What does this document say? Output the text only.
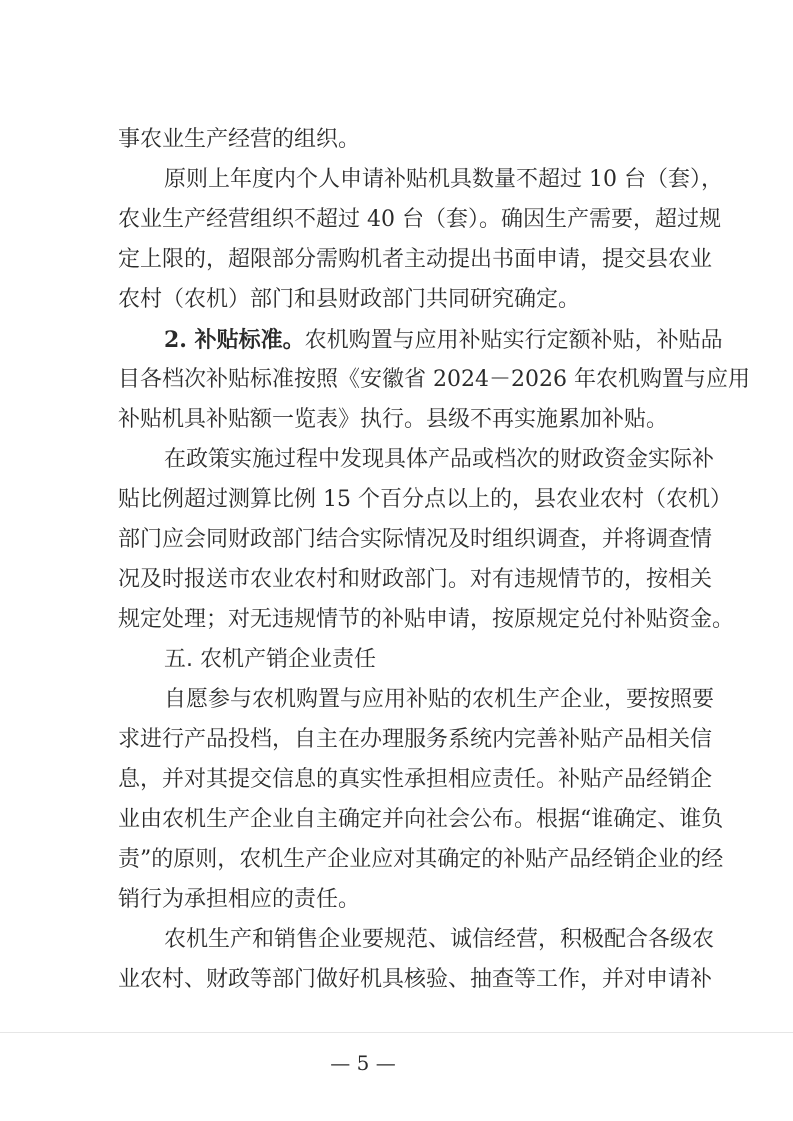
事农业生产经营的组织。
原则上年度内个人申请补贴机具数量不超过 10 台（套），
农业生产经营组织不超过 40 台（套）。确因生产需要，超过规
定上限的，超限部分需购机者主动提出书面申请，提交县农业
农村（农机）部门和县财政部门共同研究确定。
2. 补贴标准。农机购置与应用补贴实行定额补贴，补贴品
目各档次补贴标准按照《安徽省 2024－2026 年农机购置与应用
补贴机具补贴额一览表》执行。县级不再实施累加补贴。
在政策实施过程中发现具体产品或档次的财政资金实际补
贴比例超过测算比例 15 个百分点以上的，县农业农村（农机）
部门应会同财政部门结合实际情况及时组织调查，并将调查情
况及时报送市农业农村和财政部门。对有违规情节的，按相关
规定处理；对无违规情节的补贴申请，按原规定兑付补贴资金。
五. 农机产销企业责任
自愿参与农机购置与应用补贴的农机生产企业，要按照要
求进行产品投档，自主在办理服务系统内完善补贴产品相关信
息，并对其提交信息的真实性承担相应责任。补贴产品经销企
业由农机生产企业自主确定并向社会公布。根据“谁确定、谁负
责”的原则，农机生产企业应对其确定的补贴产品经销企业的经
销行为承担相应的责任。
农机生产和销售企业要规范、诚信经营，积极配合各级农
业农村、财政等部门做好机具核验、抽查等工作，并对申请补
— 5 —
